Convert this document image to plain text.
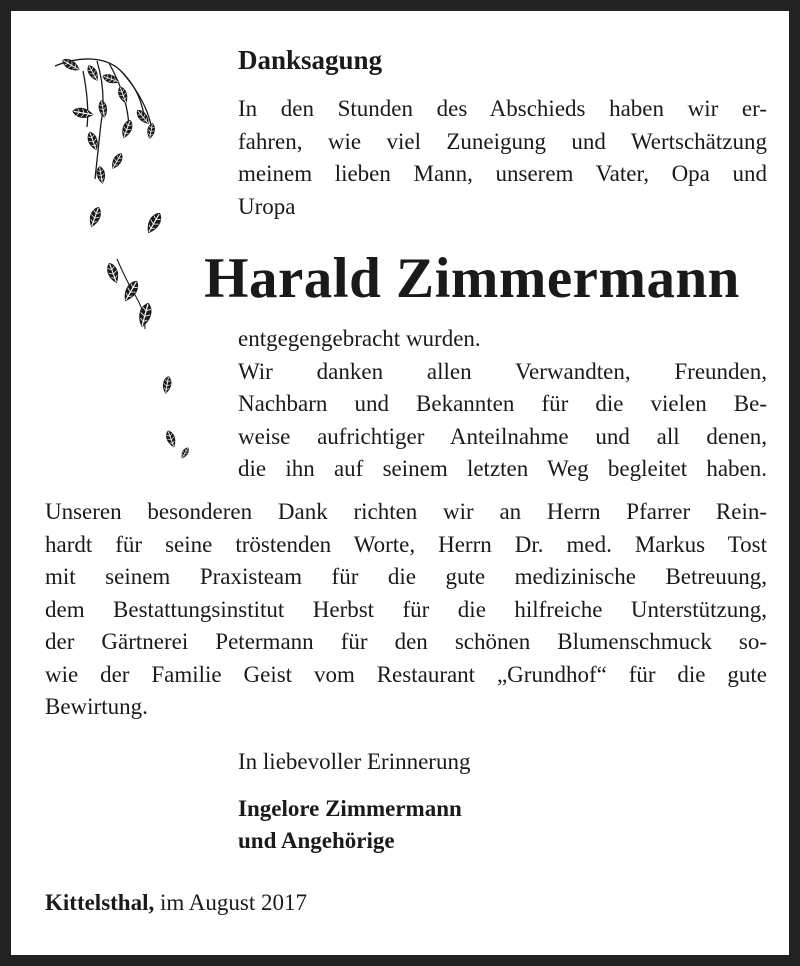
Danksagung
In den Stunden des Abschieds haben wir er-
fahren, wie viel Zuneigung und Wertschätzung
meinem lieben Mann, unserem Vater, Opa und
Uropa
Harald Zimmermann
entgegengebracht wurden.
Wir danken allen Verwandten, Freunden,
Nachbarn und Bekannten für die vielen Be-
weise aufrichtiger Anteilnahme und all denen,
die ihn auf seinem letzten Weg begleitet haben.
Unseren besonderen Dank richten wir an Herrn Pfarrer Rein-
hardt für seine tröstenden Worte, Herrn Dr. med. Markus Tost
mit seinem Praxisteam für die gute medizinische Betreuung,
dem Bestattungsinstitut Herbst für die hilfreiche Unterstützung,
der Gärtnerei Petermann für den schönen Blumenschmuck so-
wie der Familie Geist vom Restaurant „Grundhof“ für die gute
Bewirtung.
In liebevoller Erinnerung
Ingelore Zimmermann
und Angehörige
Kittelsthal, im August 2017
